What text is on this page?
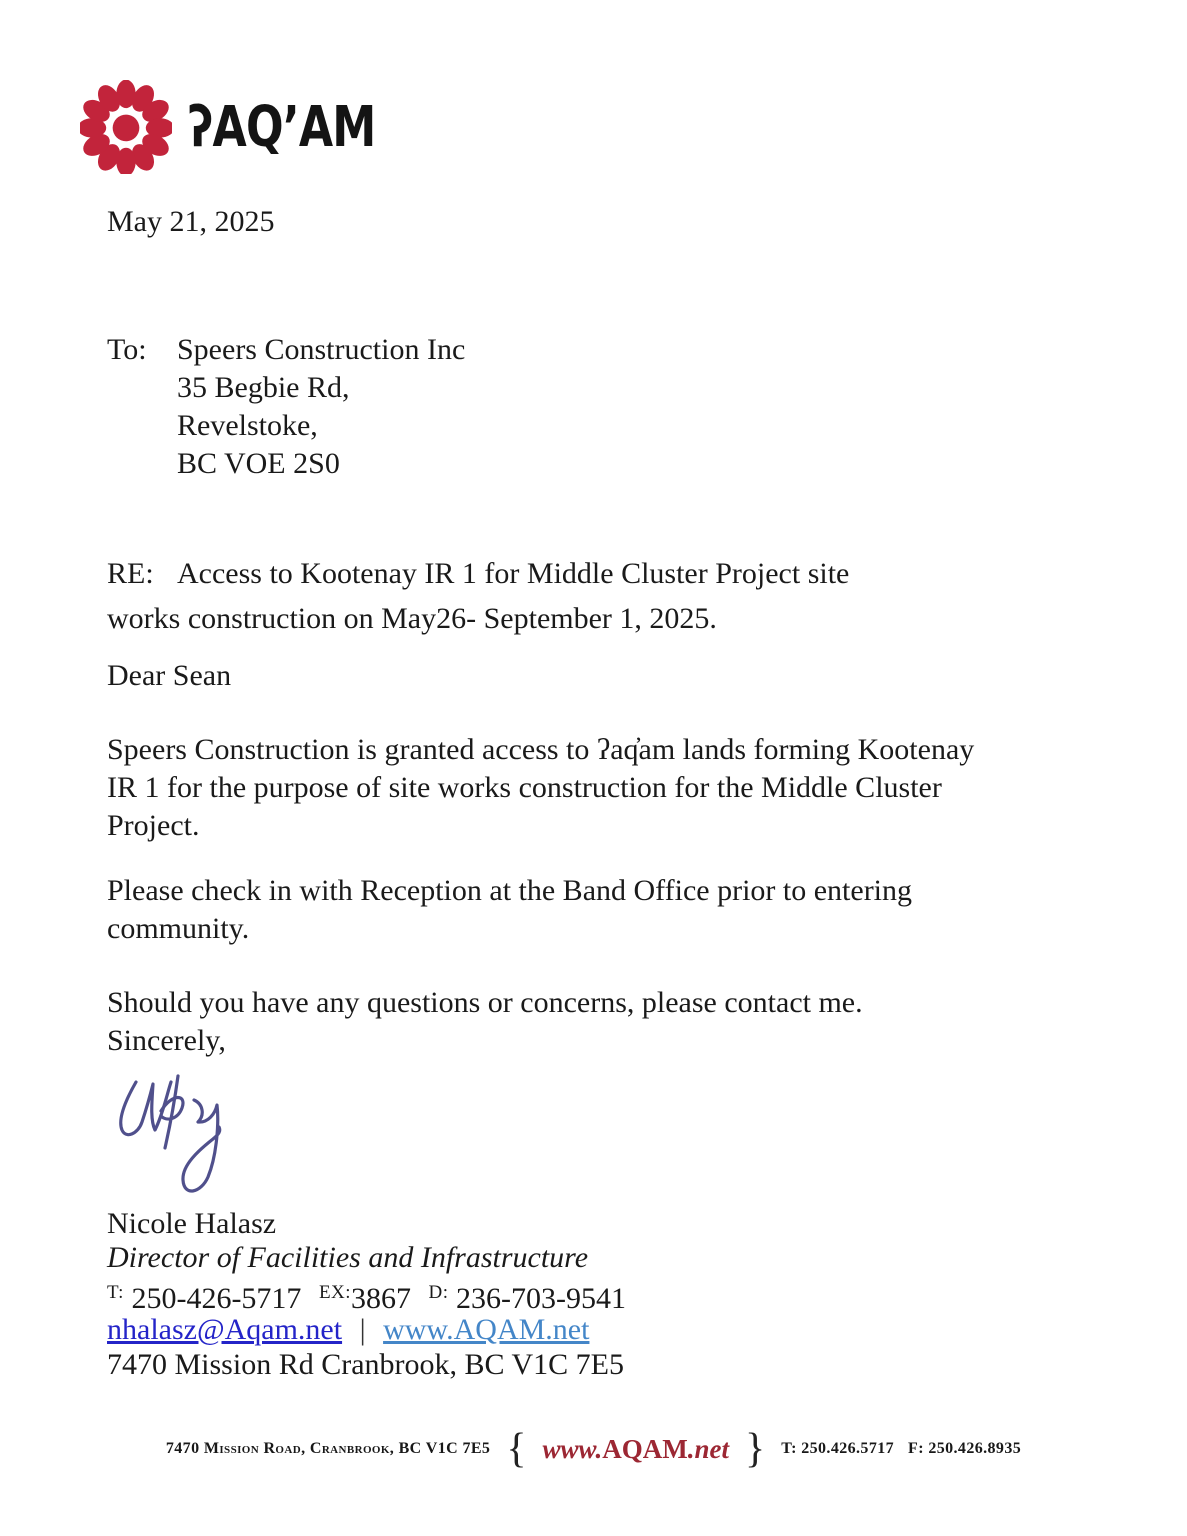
ʔAQʼAM
May 21, 2025
To:	Speers Construction Inc
35 Begbie Rd,
Revelstoke,
BC VOE 2S0
RE: Access to Kootenay IR 1 for Middle Cluster Project site
works construction on May26- September 1, 2025.
Dear Sean
Speers Construction is granted access to ʔaq̓am lands forming Kootenay
IR 1 for the purpose of site works construction for the Middle Cluster
Project.
Please check in with Reception at the Band Office prior to entering
community.
Should you have any questions or concerns, please contact me.
Sincerely,
Nicole Halasz
Director of Facilities and Infrastructure
$^{T:}$ 250-426-5717 $^{EX:}$3867 $^{D:}$ 236-703-9541
nhalasz@Aqam.net | www.AQAM.net
7470 Mission Rd Cranbrook, BC V1C 7E5
7470 Mission Road, Cranbrook, BC V1C 7E5 { www.AQAM.net } T: 250.426.5717 F: 250.426.8935
